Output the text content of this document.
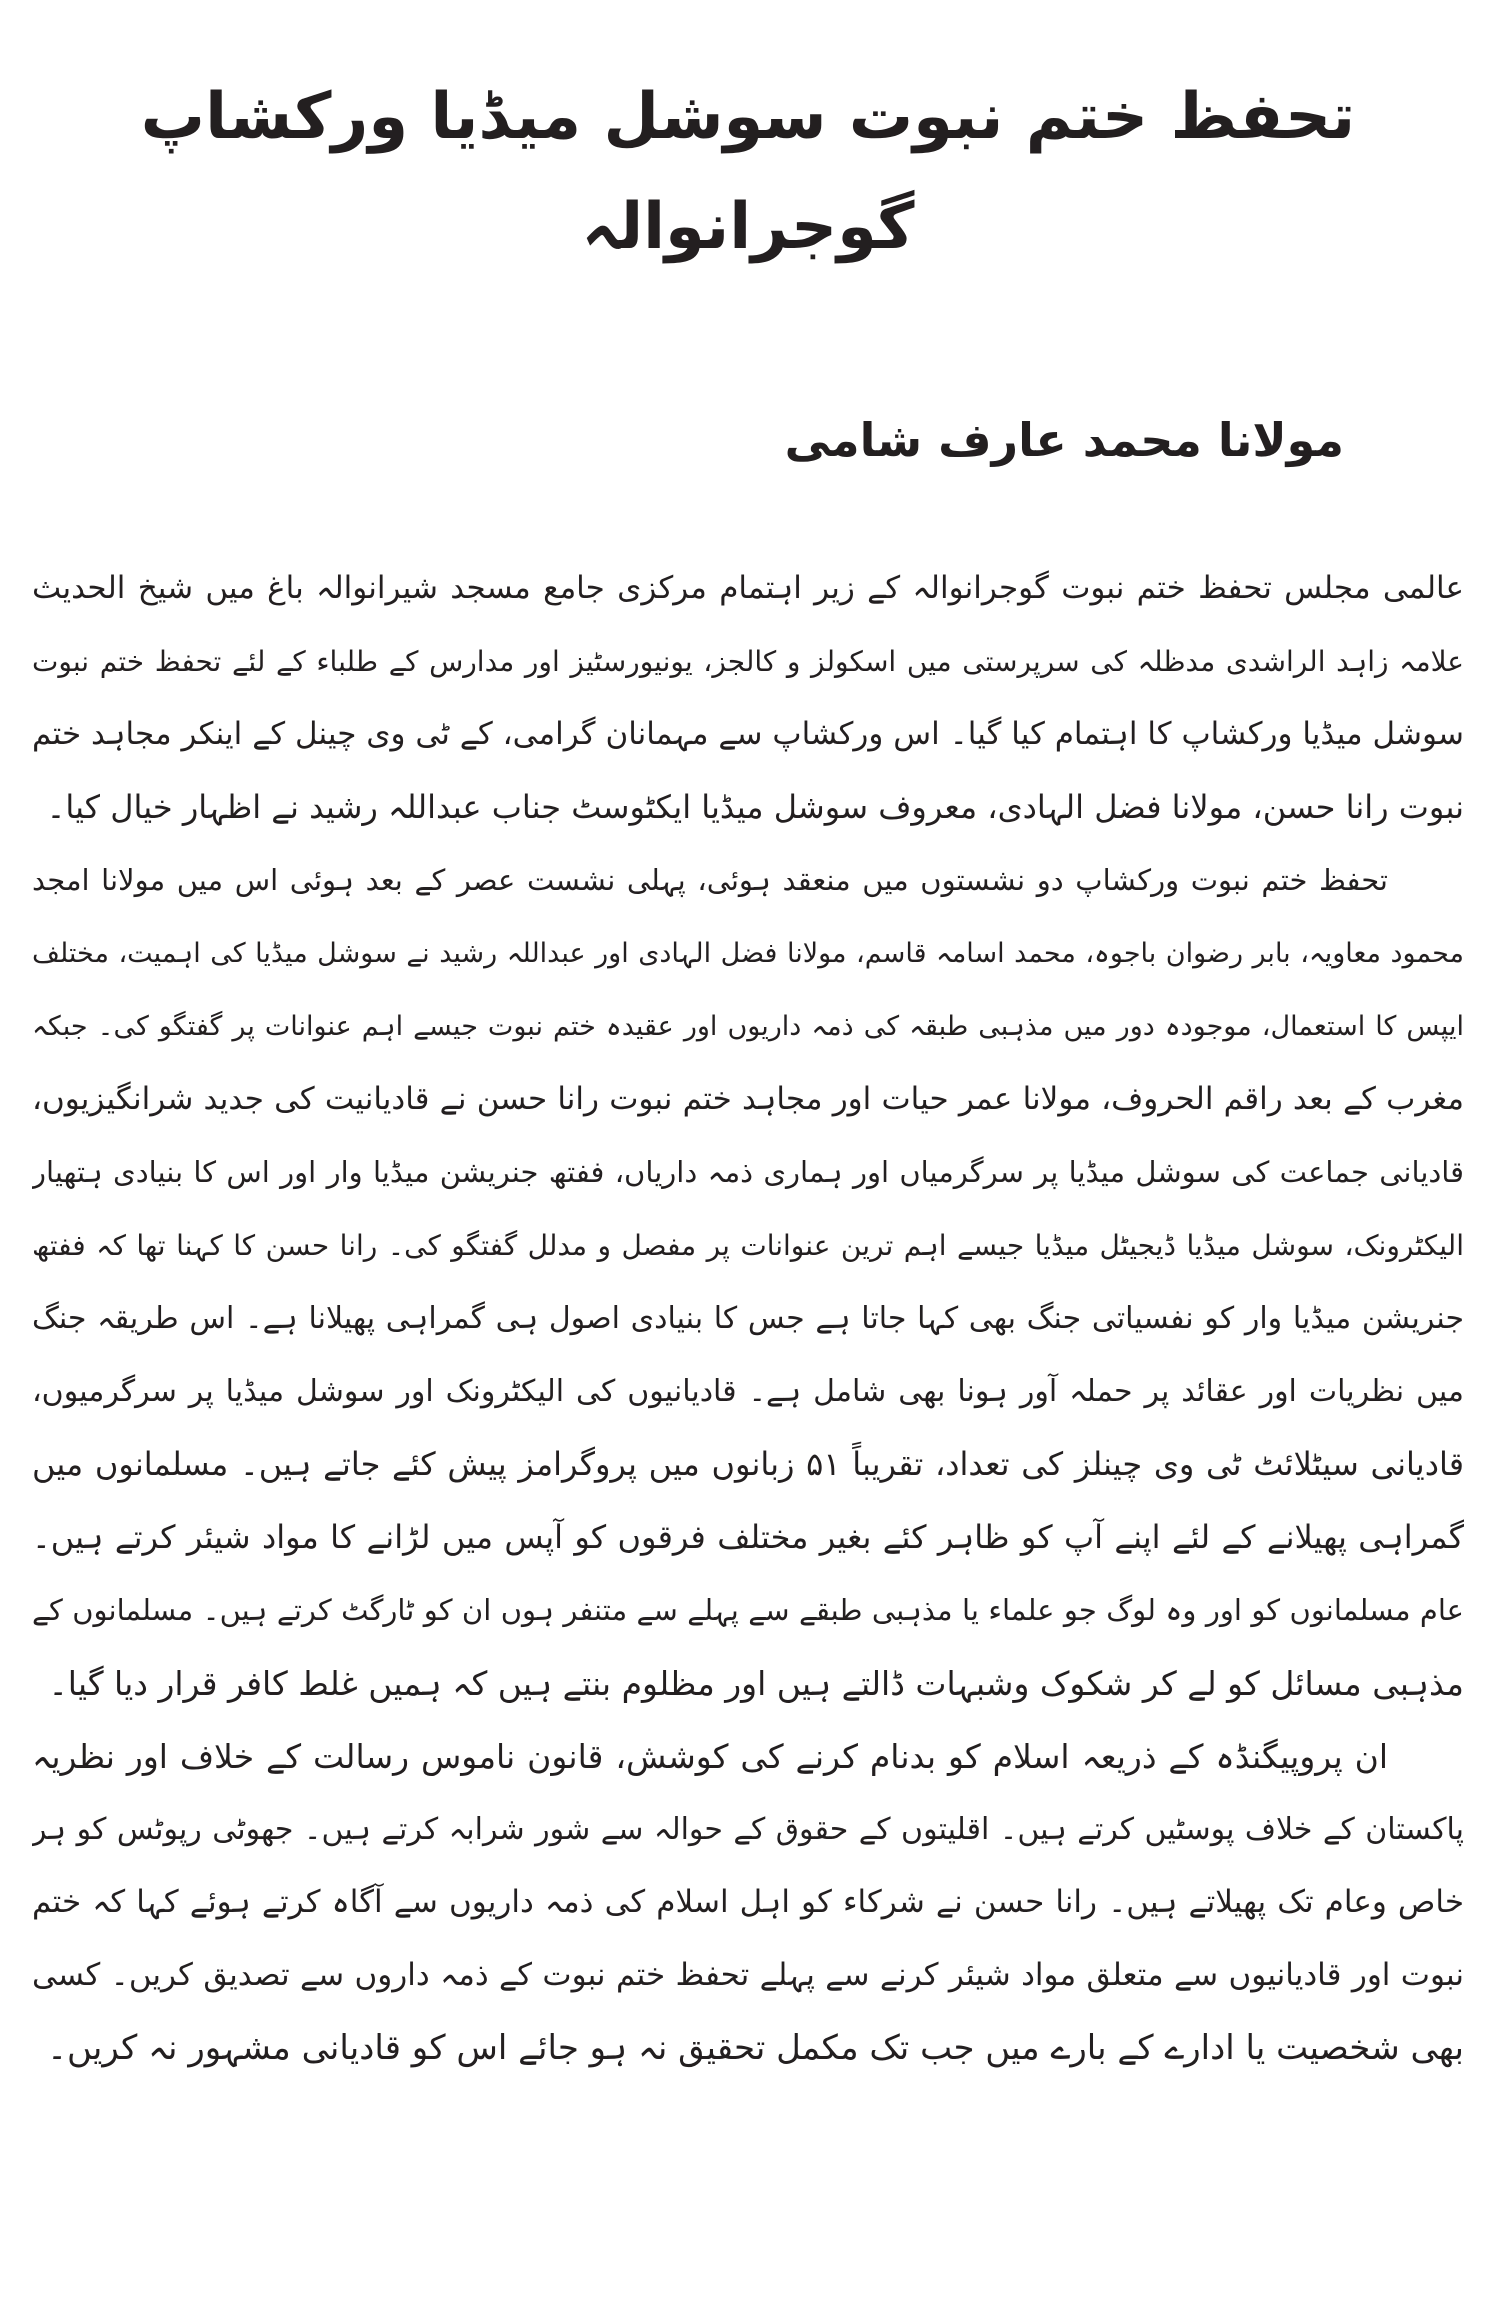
تحفظ ختم نبوت سوشل میڈیا ورکشاپ گوجرانوالہ
مولانا محمد عارف شامی
عالمی مجلس تحفظ ختم نبوت گوجرانوالہ کے زیر اہتمام مرکزی جامع مسجد شیرانوالہ باغ میں شیخ الحدیث
علامہ زاہد الراشدی مدظلہ کی سرپرستی میں اسکولز و کالجز، یونیورسٹیز اور مدارس کے طلباء کے لئے تحفظ ختم نبوت
سوشل میڈیا ورکشاپ کا اہتمام کیا گیا۔ اس ورکشاپ سے مہمانان گرامی، کے ٹی وی چینل کے اینکر مجاہد ختم
نبوت رانا حسن، مولانا فضل الہادی، معروف سوشل میڈیا ایکٹوسٹ جناب عبداللہ رشید نے اظہار خیال کیا۔
تحفظ ختم نبوت ورکشاپ دو نشستوں میں منعقد ہوئی، پہلی نشست عصر کے بعد ہوئی اس میں مولانا امجد
محمود معاویہ، بابر رضوان باجوہ، محمد اسامہ قاسم، مولانا فضل الہادی اور عبداللہ رشید نے سوشل میڈیا کی اہمیت، مختلف
ایپس کا استعمال، موجودہ دور میں مذہبی طبقہ کی ذمہ داریوں اور عقیدہ ختم نبوت جیسے اہم عنوانات پر گفتگو کی۔ جبکہ
مغرب کے بعد راقم الحروف، مولانا عمر حیات اور مجاہد ختم نبوت رانا حسن نے قادیانیت کی جدید شرانگیزیوں،
قادیانی جماعت کی سوشل میڈیا پر سرگرمیاں اور ہماری ذمہ داریاں، ففتھ جنریشن میڈیا وار اور اس کا بنیادی ہتھیار
الیکٹرونک، سوشل میڈیا ڈیجیٹل میڈیا جیسے اہم ترین عنوانات پر مفصل و مدلل گفتگو کی۔ رانا حسن کا کہنا تھا کہ ففتھ
جنریشن میڈیا وار کو نفسیاتی جنگ بھی کہا جاتا ہے جس کا بنیادی اصول ہی گمراہی پھیلانا ہے۔ اس طریقہ جنگ
میں نظریات اور عقائد پر حملہ آور ہونا بھی شامل ہے۔ قادیانیوں کی الیکٹرونک اور سوشل میڈیا پر سرگرمیوں،
قادیانی سیٹلائٹ ٹی وی چینلز کی تعداد، تقریباً ۵۱ زبانوں میں پروگرامز پیش کئے جاتے ہیں۔ مسلمانوں میں
گمراہی پھیلانے کے لئے اپنے آپ کو ظاہر کئے بغیر مختلف فرقوں کو آپس میں لڑانے کا مواد شیئر کرتے ہیں۔
عام مسلمانوں کو اور وہ لوگ جو علماء یا مذہبی طبقے سے پہلے سے متنفر ہوں ان کو ٹارگٹ کرتے ہیں۔ مسلمانوں کے
مذہبی مسائل کو لے کر شکوک وشبہات ڈالتے ہیں اور مظلوم بنتے ہیں کہ ہمیں غلط کافر قرار دیا گیا۔
ان پروپیگنڈہ کے ذریعہ اسلام کو بدنام کرنے کی کوشش، قانون ناموس رسالت کے خلاف اور نظریہ
پاکستان کے خلاف پوسٹیں کرتے ہیں۔ اقلیتوں کے حقوق کے حوالہ سے شور شرابہ کرتے ہیں۔ جھوٹی رپوٹس کو ہر
خاص وعام تک پھیلاتے ہیں۔ رانا حسن نے شرکاء کو اہل اسلام کی ذمہ داریوں سے آگاہ کرتے ہوئے کہا کہ ختم
نبوت اور قادیانیوں سے متعلق مواد شیئر کرنے سے پہلے تحفظ ختم نبوت کے ذمہ داروں سے تصدیق کریں۔ کسی
بھی شخصیت یا ادارے کے بارے میں جب تک مکمل تحقیق نہ ہو جائے اس کو قادیانی مشہور نہ کریں۔
